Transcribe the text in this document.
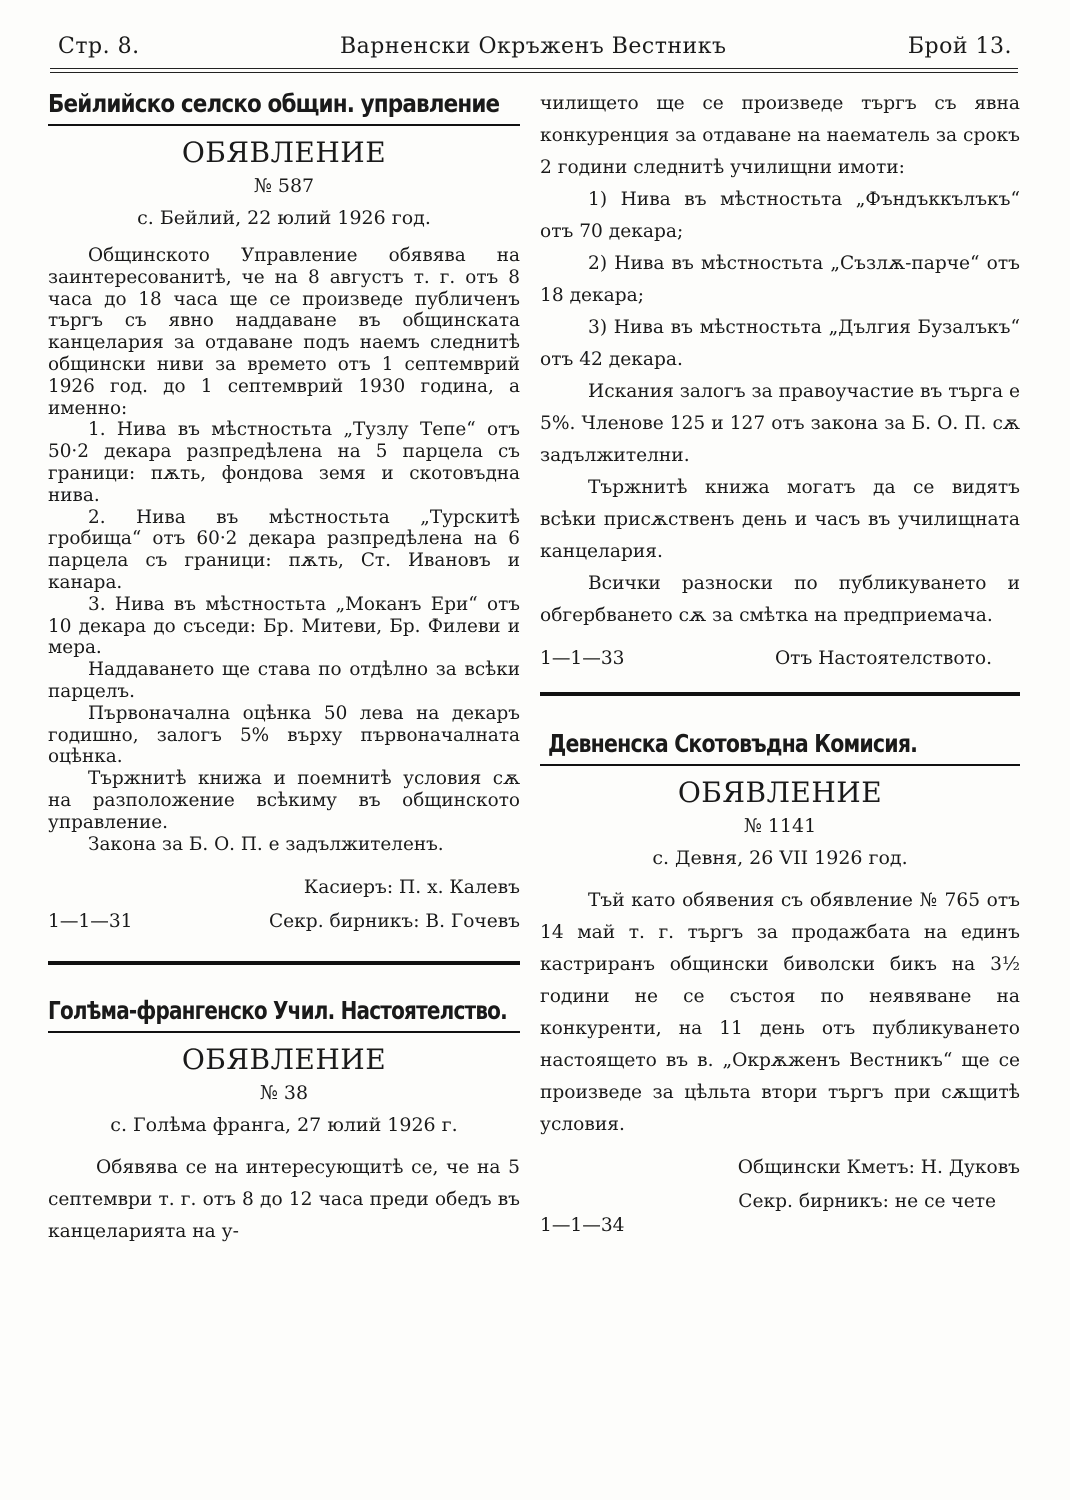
Стр. 8.	Варненски Окръженъ Вестникъ	Брой 13.
Бейлийско селско общин. управление
ОБЯВЛЕНИЕ
№ 587
с. Бейлий, 22 юлий 1926 год.

Общинското Управление обявява на заинтересованитѣ, че на 8 августъ т. г. отъ 8 часа до 18 часа ще се произведе публиченъ търгъ съ явно наддаване въ общинската канцелария за отдаване подъ наемъ следнитѣ общински ниви за времето отъ 1 септемврий 1926 год. до 1 септемврий 1930 година, а именно:

1. Нива въ мѣстностьта „Тузлу Тепе“ отъ 50·2 декара разпредѣлена на 5 парцела съ граници: пѫть, фондова земя и скотовъдна нива.

2. Нива въ мѣстностьта „Турскитѣ гробища“ отъ 60·2 декара разпредѣлена на 6 парцела съ граници: пѫть, Ст. Ивановъ и канара.

3. Нива въ мѣстностьта „Моканъ Ери“ отъ 10 декара до съседи: Бр. Митеви, Бр. Филеви и мера.

Наддаването ще става по отдѣлно за всѣки парцелъ.

Първоначална оцѣнка 50 лева на декаръ годишно, залогъ 5% върху първоначалната оцѣнка.

Тържнитѣ книжа и поемнитѣ условия сѫ на разположение всѣкиму въ общинското управление.

Закона за Б. О. П. е задължителенъ.

Касиеръ: П. х. Калевъ
1—1—31	Секр. бирникъ: В. Гочевъ
Голѣма-франгенско Учил. Настоятелство.
ОБЯВЛЕНИЕ
№ 38
с. Голѣма франга, 27 юлий 1926 г.

Обявява се на интересующитѣ се, че на 5 септември т. г. отъ 8 до 12 часа преди обедъ въ канцеларията на у-

чилището ще се произведе търгъ съ явна конкуренция за отдаване на наематель за срокъ 2 години следнитѣ училищни имоти:

1) Нива въ мѣстностьта „Фъндъккълъкъ“ отъ 70 декара;

2) Нива въ мѣстностьта „Съзлѫ-парче“ отъ 18 декара;

3) Нива въ мѣстностьта „Дългия Бузалъкъ“ отъ 42 декара.

Искания залогъ за правоучастие въ търга е 5%. Членове 125 и 127 отъ закона за Б. О. П. сѫ задължителни.

Тържнитѣ книжа могатъ да се видятъ всѣки присѫственъ день и часъ въ училищната канцелария.

Всички разноски по публикуването и обгербването сѫ за смѣтка на предприемача.

1—1—33	Отъ Настоятелството.
Девненска Скотовъдна Комисия.
ОБЯВЛЕНИЕ
№ 1141
с. Девня, 26 VII 1926 год.

Тъй като обявения съ обявление № 765 отъ 14 май т. г. търгъ за продажбата на единъ кастриранъ общински биволски бикъ на 3½ години не се състоя по неявяване на конкуренти, на 11 день отъ публикуването настоящето въ в. „Окрѫженъ Вестникъ“ ще се произведе за цѣльта втори търгъ при сѫщитѣ условия.

Общински Кметъ: Н. Дуковъ
Секр. бирникъ: не се чете
1—1—34
